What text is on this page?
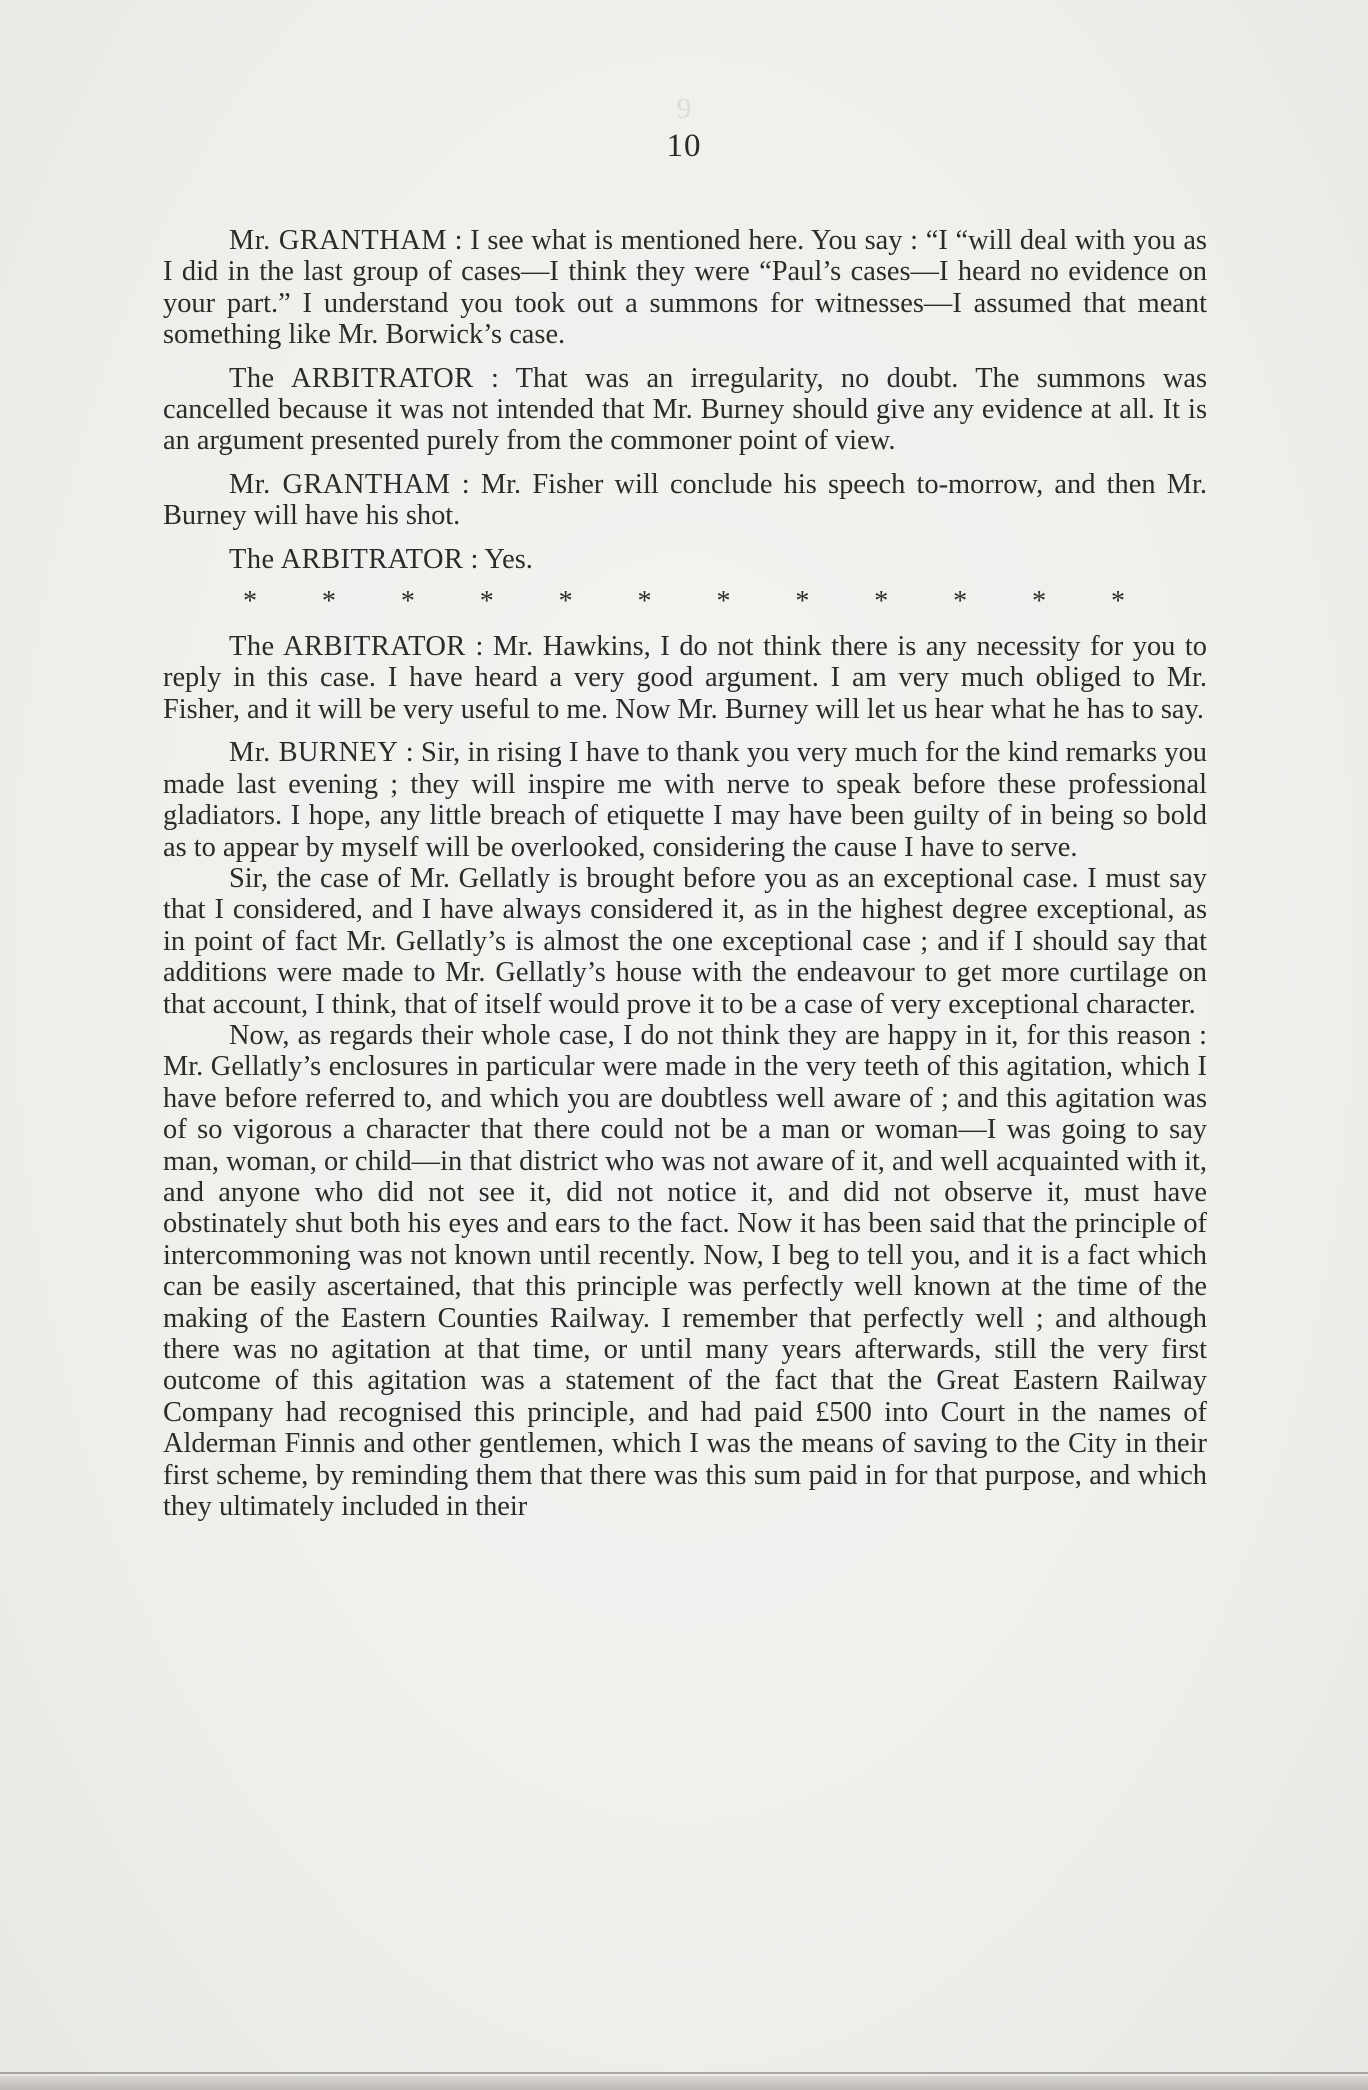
9
10

Mr. GRANTHAM : I see what is mentioned here. You say : “I “will deal with you as I did in the last group of cases—I think they were “Paul’s cases—I heard no evidence on your part.” I understand you took out a summons for witnesses—I assumed that meant something like Mr. Borwick’s case.

The ARBITRATOR : That was an irregularity, no doubt. The summons was cancelled because it was not intended that Mr. Burney should give any evidence at all. It is an argument presented purely from the commoner point of view.

Mr. GRANTHAM : Mr. Fisher will conclude his speech to-morrow, and then Mr. Burney will have his shot.

The ARBITRATOR : Yes.

* * * * * * * * * * * *

The ARBITRATOR : Mr. Hawkins, I do not think there is any necessity for you to reply in this case. I have heard a very good argument. I am very much obliged to Mr. Fisher, and it will be very useful to me. Now Mr. Burney will let us hear what he has to say.

Mr. BURNEY : Sir, in rising I have to thank you very much for the kind remarks you made last evening ; they will inspire me with nerve to speak before these professional gladiators. I hope, any little breach of etiquette I may have been guilty of in being so bold as to appear by myself will be overlooked, considering the cause I have to serve.

Sir, the case of Mr. Gellatly is brought before you as an exceptional case. I must say that I considered, and I have always considered it, as in the highest degree exceptional, as in point of fact Mr. Gellatly’s is almost the one exceptional case ; and if I should say that additions were made to Mr. Gellatly’s house with the endeavour to get more curtilage on that account, I think, that of itself would prove it to be a case of very exceptional character.

Now, as regards their whole case, I do not think they are happy in it, for this reason : Mr. Gellatly’s enclosures in particular were made in the very teeth of this agitation, which I have before referred to, and which you are doubtless well aware of ; and this agitation was of so vigorous a character that there could not be a man or woman—I was going to say man, woman, or child—in that district who was not aware of it, and well acquainted with it, and anyone who did not see it, did not notice it, and did not observe it, must have obstinately shut both his eyes and ears to the fact. Now it has been said that the principle of intercommoning was not known until recently. Now, I beg to tell you, and it is a fact which can be easily ascertained, that this principle was perfectly well known at the time of the making of the Eastern Counties Railway. I remember that perfectly well ; and although there was no agitation at that time, or until many years afterwards, still the very first outcome of this agitation was a statement of the fact that the Great Eastern Railway Company had recognised this principle, and had paid £500 into Court in the names of Alderman Finnis and other gentlemen, which I was the means of saving to the City in their first scheme, by reminding them that there was this sum paid in for that purpose, and which they ultimately included in their
